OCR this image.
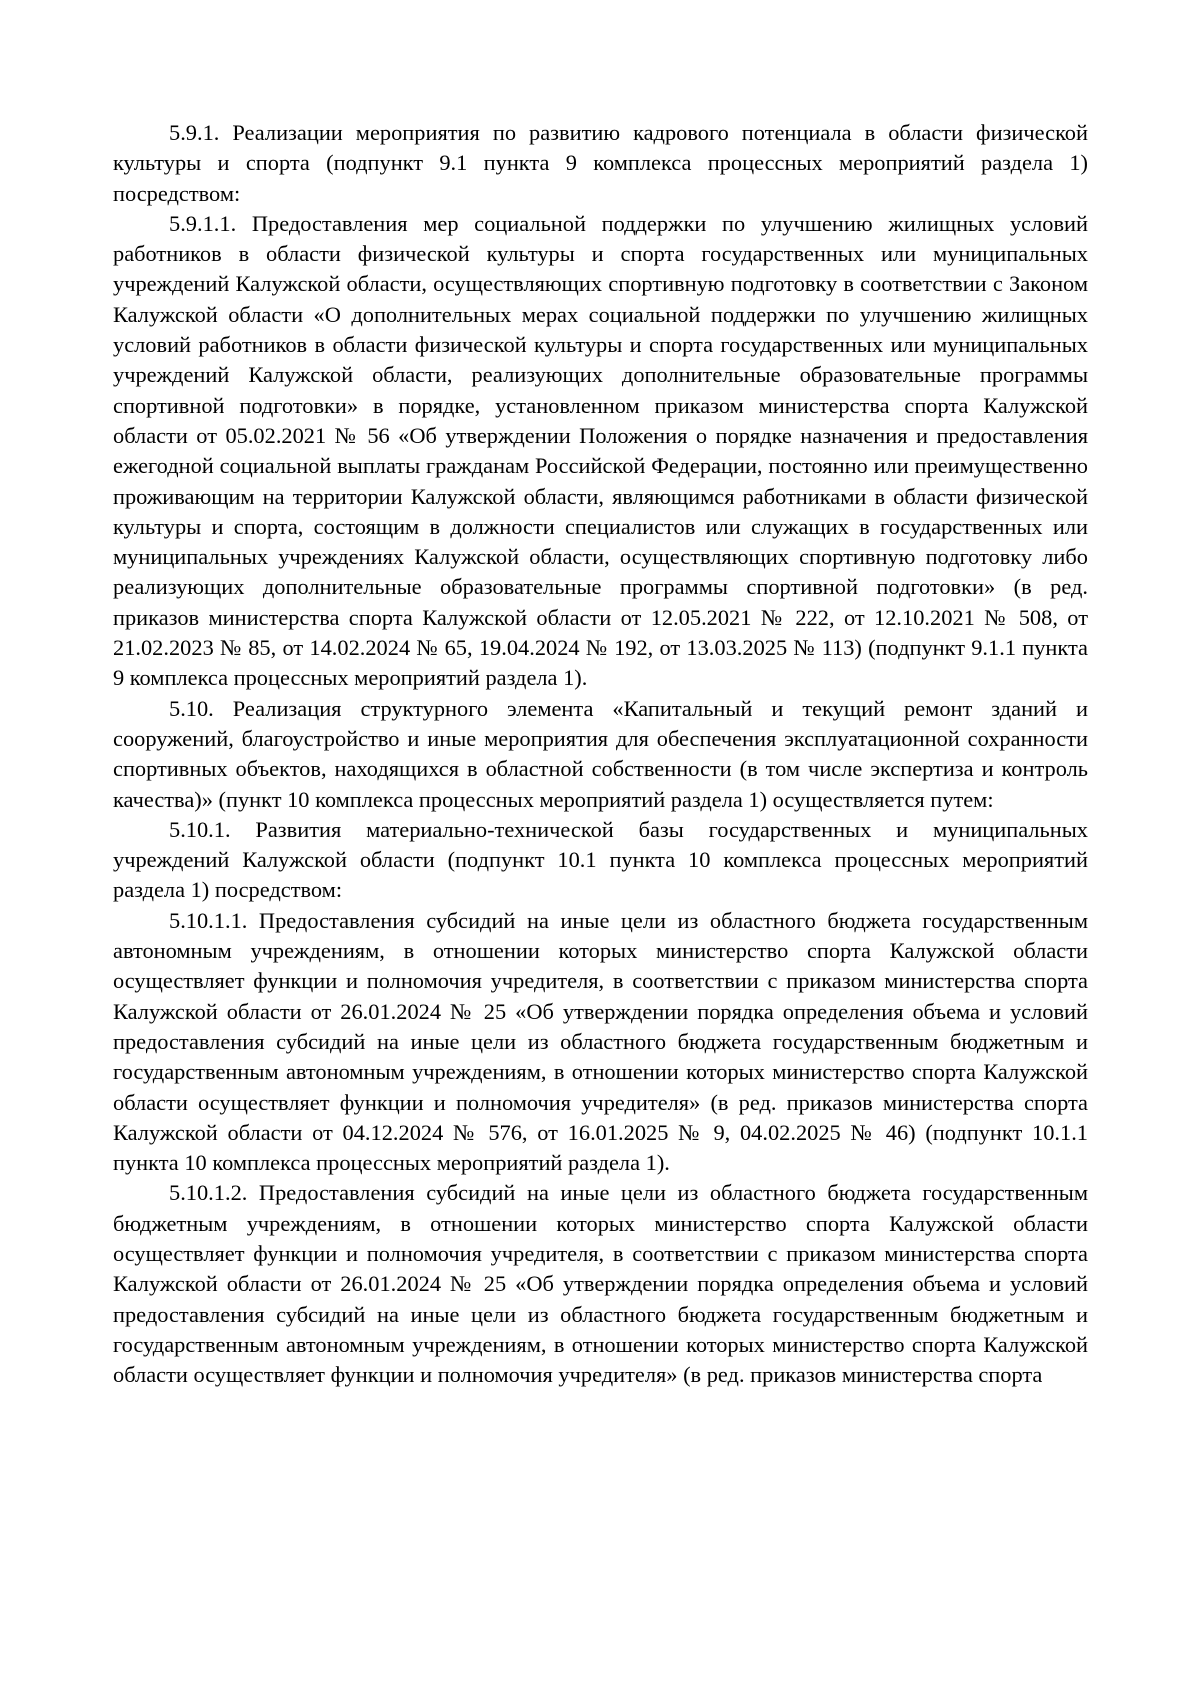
5.9.1. Реализации мероприятия по развитию кадрового потенциала в области физической культуры и спорта (подпункт 9.1 пункта 9 комплекса процессных мероприятий раздела 1) посредством:

5.9.1.1. Предоставления мер социальной поддержки по улучшению жилищных условий работников в области физической культуры и спорта государственных или муниципальных учреждений Калужской области, осуществляющих спортивную подготовку в соответствии с Законом Калужской области «О дополнительных мерах социальной поддержки по улучшению жилищных условий работников в области физической культуры и спорта государственных или муниципальных учреждений Калужской области, реализующих дополнительные образовательные программы спортивной подготовки» в порядке, установленном приказом министерства спорта Калужской области от 05.02.2021 № 56 «Об утверждении Положения о порядке назначения и предоставления ежегодной социальной выплаты гражданам Российской Федерации, постоянно или преимущественно проживающим на территории Калужской области, являющимся работниками в области физической культуры и спорта, состоящим в должности специалистов или служащих в государственных или муниципальных учреждениях Калужской области, осуществляющих спортивную подготовку либо реализующих дополнительные образовательные программы спортивной подготовки» (в ред. приказов министерства спорта Калужской области от 12.05.2021 № 222, от 12.10.2021 № 508, от 21.02.2023 № 85, от 14.02.2024 № 65, 19.04.2024 № 192, от 13.03.2025 № 113) (подпункт 9.1.1 пункта 9 комплекса процессных мероприятий раздела 1).

5.10. Реализация структурного элемента «Капитальный и текущий ремонт зданий и сооружений, благоустройство и иные мероприятия для обеспечения эксплуатационной сохранности спортивных объектов, находящихся в областной собственности (в том числе экспертиза и контроль качества)» (пункт 10 комплекса процессных мероприятий раздела 1) осуществляется путем:

5.10.1. Развития материально-технической базы государственных и муниципальных учреждений Калужской области (подпункт 10.1 пункта 10 комплекса процессных мероприятий раздела 1) посредством:

5.10.1.1. Предоставления субсидий на иные цели из областного бюджета государственным автономным учреждениям, в отношении которых министерство спорта Калужской области осуществляет функции и полномочия учредителя, в соответствии с приказом министерства спорта Калужской области от 26.01.2024 № 25 «Об утверждении порядка определения объема и условий предоставления субсидий на иные цели из областного бюджета государственным бюджетным и государственным автономным учреждениям, в отношении которых министерство спорта Калужской области осуществляет функции и полномочия учредителя» (в ред. приказов министерства спорта Калужской области от 04.12.2024 № 576, от 16.01.2025 № 9, 04.02.2025 № 46) (подпункт 10.1.1 пункта 10 комплекса процессных мероприятий раздела 1).

5.10.1.2. Предоставления субсидий на иные цели из областного бюджета государственным бюджетным учреждениям, в отношении которых министерство спорта Калужской области осуществляет функции и полномочия учредителя, в соответствии с приказом министерства спорта Калужской области от 26.01.2024 № 25 «Об утверждении порядка определения объема и условий предоставления субсидий на иные цели из областного бюджета государственным бюджетным и государственным автономным учреждениям, в отношении которых министерство спорта Калужской области осуществляет функции и полномочия учредителя» (в ред. приказов министерства спорта
